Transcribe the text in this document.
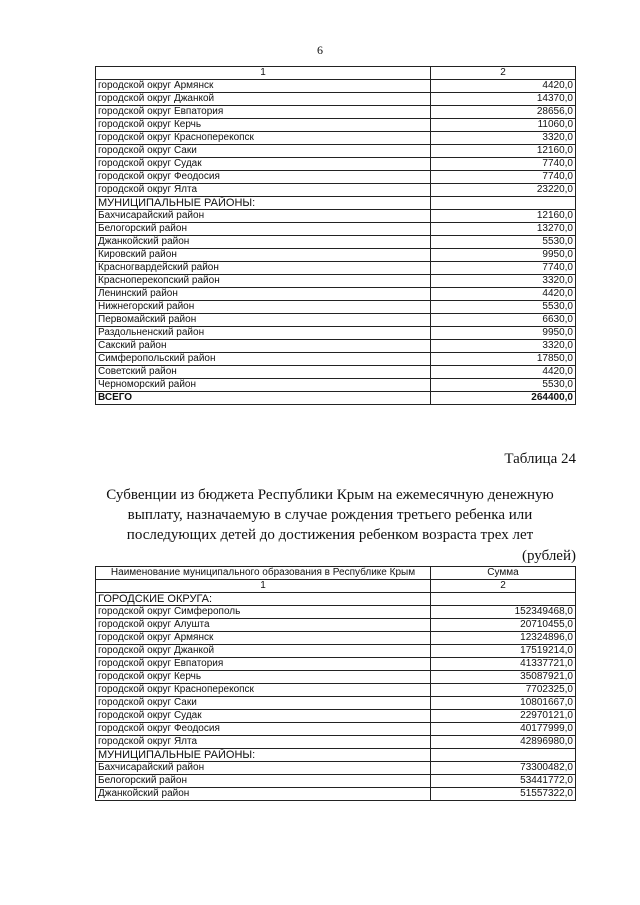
6
1	2
городской округ Армянск	4420,0
городской округ Джанкой	14370,0
городской округ Евпатория	28656,0
городской округ Керчь	11060,0
городской округ Красноперекопск	3320,0
городской округ Саки	12160,0
городской округ Судак	7740,0
городской округ Феодосия	7740,0
городской округ Ялта	23220,0
МУНИЦИПАЛЬНЫЕ РАЙОНЫ:	
Бахчисарайский район	12160,0
Белогорский район	13270,0
Джанкойский район	5530,0
Кировский район	9950,0
Красногвардейский район	7740,0
Красноперекопский район	3320,0
Ленинский район	4420,0
Нижнегорский район	5530,0
Первомайский район	6630,0
Раздольненский район	9950,0
Сакский район	3320,0
Симферопольский район	17850,0
Советский район	4420,0
Черноморский район	5530,0
ВСЕГО	264400,0
Таблица 24
Субвенции из бюджета Республики Крым на ежемесячную денежную
выплату, назначаемую в случае рождения третьего ребенка или
последующих детей до достижения ребенком возраста трех лет
(рублей)
Наименование муниципального образования в Республике Крым	Сумма
1	2
ГОРОДСКИЕ ОКРУГА:	
городской округ Симферополь	152349468,0
городской округ Алушта	20710455,0
городской округ Армянск	12324896,0
городской округ Джанкой	17519214,0
городской округ Евпатория	41337721,0
городской округ Керчь	35087921,0
городской округ Красноперекопск	7702325,0
городской округ Саки	10801667,0
городской округ Судак	22970121,0
городской округ Феодосия	40177999,0
городской округ Ялта	42896980,0
МУНИЦИПАЛЬНЫЕ РАЙОНЫ:	
Бахчисарайский район	73300482,0
Белогорский район	53441772,0
Джанкойский район	51557322,0
